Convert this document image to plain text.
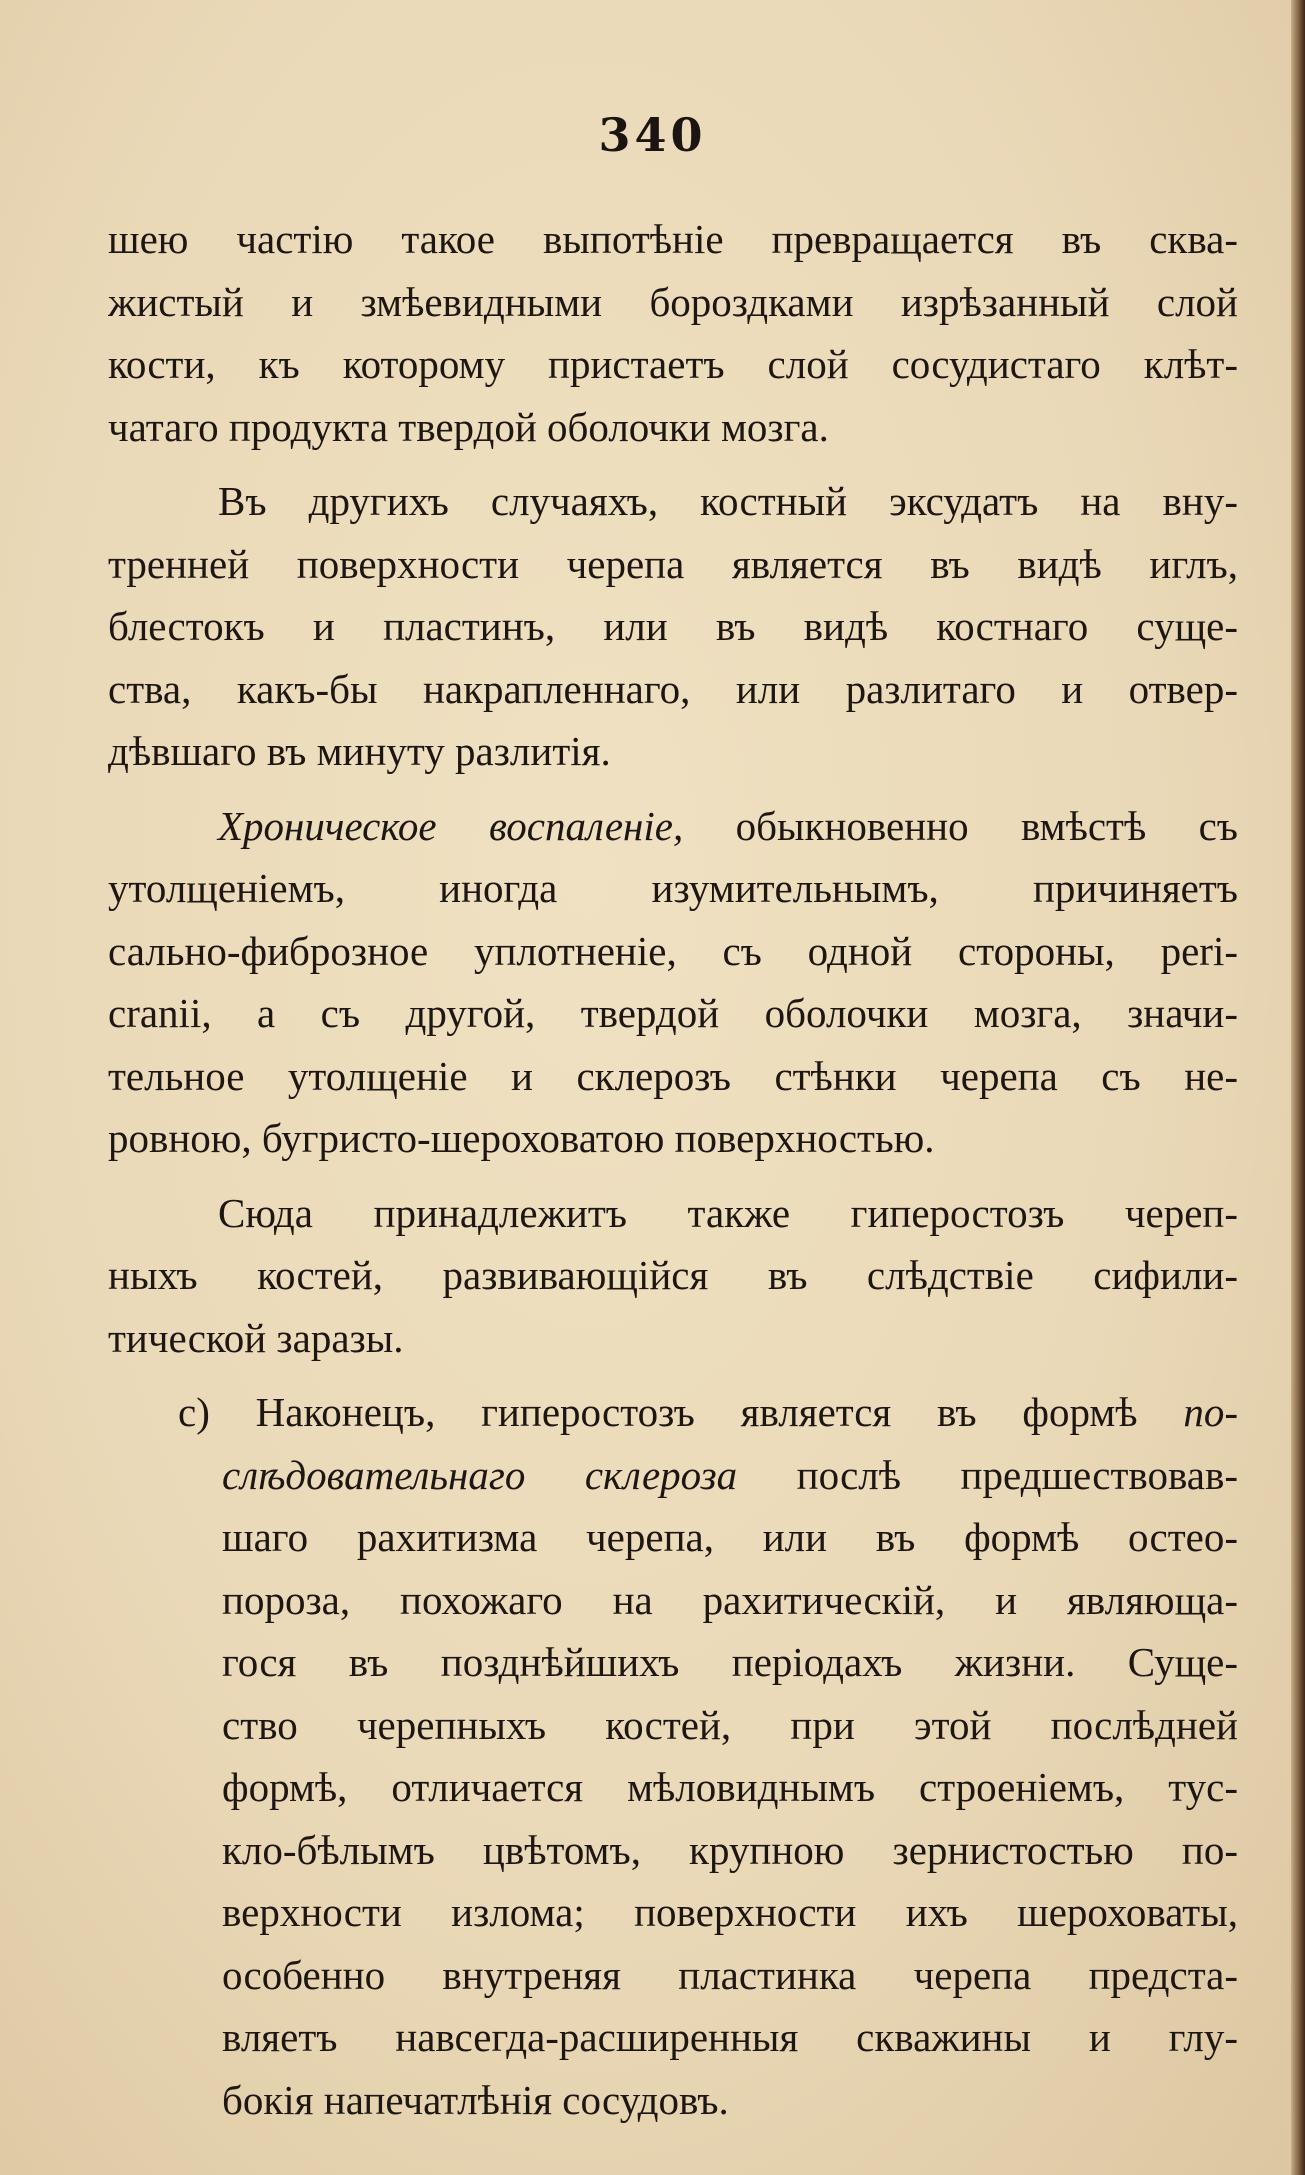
340
шею частію такое выпотѣніе превращается въ сква-
жистый и змѣевидными бороздками изрѣзанный слой
кости, къ которому пристаетъ слой сосудистаго клѣт-
чатаго продукта твердой оболочки мозга.
Въ другихъ случаяхъ, костный эксудатъ на вну-
тренней поверхности черепа является въ видѣ иглъ,
блестокъ и пластинъ, или въ видѣ костнаго суще-
ства, какъ-бы накрапленнаго, или разлитаго и отвер-
дѣвшаго въ минуту разлитія.
Хроническое воспаленіе, обыкновенно вмѣстѣ съ
утолщеніемъ, иногда изумительнымъ, причиняетъ
сально-фиброзное уплотненіе, съ одной стороны, peri-
cranii, а съ другой, твердой оболочки мозга, значи-
тельное утолщеніе и склерозъ стѣнки черепа съ не-
ровною, бугристо-шероховатою поверхностью.
Сюда принадлежитъ также гиперостозъ череп-
ныхъ костей, развивающійся въ слѣдствіе сифили-
тической заразы.
c) Наконецъ, гиперостозъ является въ формѣ по-
слѣдовательнаго склероза послѣ предшествовав-
шаго рахитизма черепа, или въ формѣ остео-
пороза, похожаго на рахитическій, и являюща-
гося въ позднѣйшихъ періодахъ жизни. Суще-
ство черепныхъ костей, при этой послѣдней
формѣ, отличается мѣловиднымъ строеніемъ, тус-
кло-бѣлымъ цвѣтомъ, крупною зернистостью по-
верхности излома; поверхности ихъ шероховаты,
особенно внутреняя пластинка черепа предста-
вляетъ навсегда-расширенныя скважины и глу-
бокія напечатлѣнія сосудовъ.
